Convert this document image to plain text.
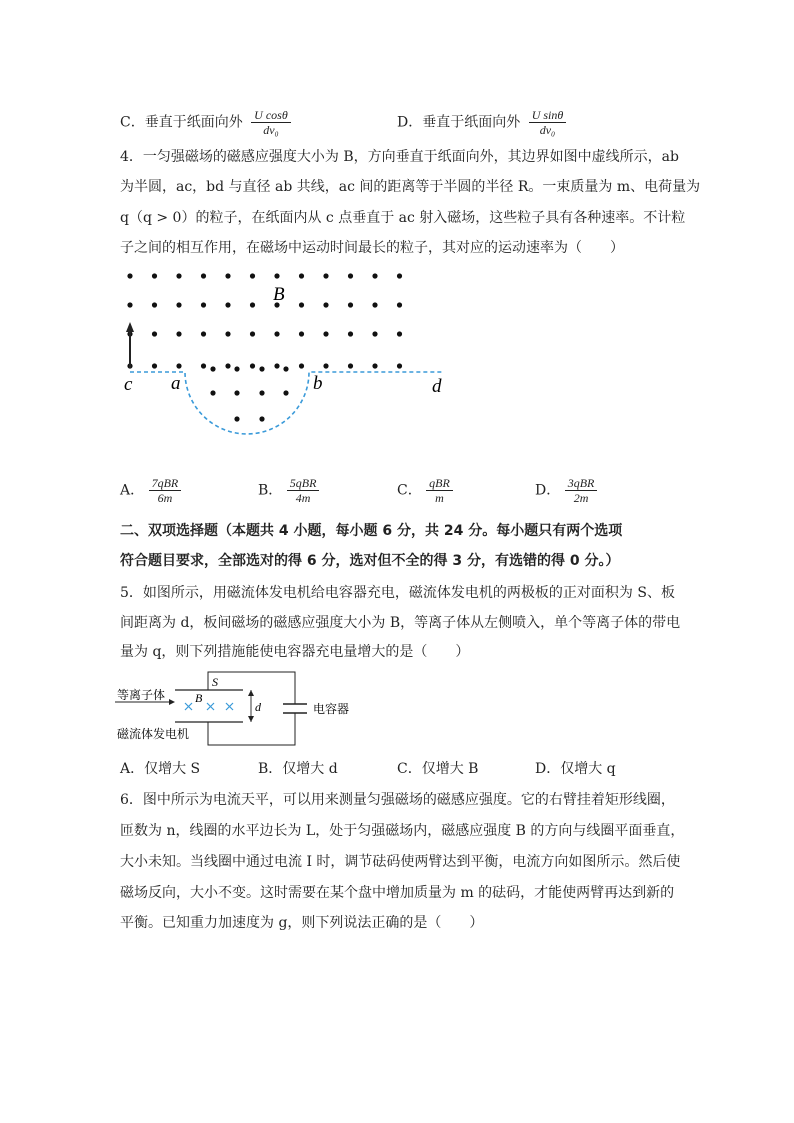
C．垂直于纸面向外 $\frac{\text{U cosθ}}{\text{dv₀}}$	D．垂直于纸面向外 $\frac{\text{U sinθ}}{\text{dv₀}}$
4．一匀强磁场的磁感应强度大小为 B，方向垂直于纸面向外，其边界如图中虚线所示，ab
为半圆，ac，bd 与直径 ab 共线，ac 间的距离等于半圆的半径 R。一束质量为 m、电荷量为
q（q > 0）的粒子，在纸面内从 c 点垂直于 ac 射入磁场，这些粒子具有各种速率。不计粒
子之间的相互作用，在磁场中运动时间最长的粒子，其对应的运动速率为（　　）
B
c a	b	d
A． $\frac{\text{7qBR}}{6m}$	B． $\frac{\text{5qBR}}{4m}$	C． $\frac{\text{qBR}}{m}$	D． $\frac{\text{3qBR}}{2m}$
二、双项选择题（本题共 4 小题，每小题 6 分，共 24 分。每小题只有两个选项
符合题目要求，全部选对的得 6 分，选对但不全的得 3 分，有选错的得 0 分。）
5．如图所示，用磁流体发电机给电容器充电，磁流体发电机的两极板的正对面积为 S、板
间距离为 d，板间磁场的磁感应强度大小为 B，等离子体从左侧喷入，单个等离子体的带电
量为 q，则下列措施能使电容器充电量增大的是（　　）
等离子体
S
B
d	电容器
磁流体发电机
A．仅增大 S	B．仅增大 d	C．仅增大 B	D．仅增大 q
6．图中所示为电流天平，可以用来测量匀强磁场的磁感应强度。它的右臂挂着矩形线圈，
匝数为 n，线圈的水平边长为 L，处于匀强磁场内，磁感应强度 B 的方向与线圈平面垂直，
大小未知。当线圈中通过电流 I 时，调节砝码使两臂达到平衡，电流方向如图所示。然后使
磁场反向，大小不变。这时需要在某个盘中增加质量为 m 的砝码，才能使两臂再达到新的
平衡。已知重力加速度为 g，则下列说法正确的是（　　）
